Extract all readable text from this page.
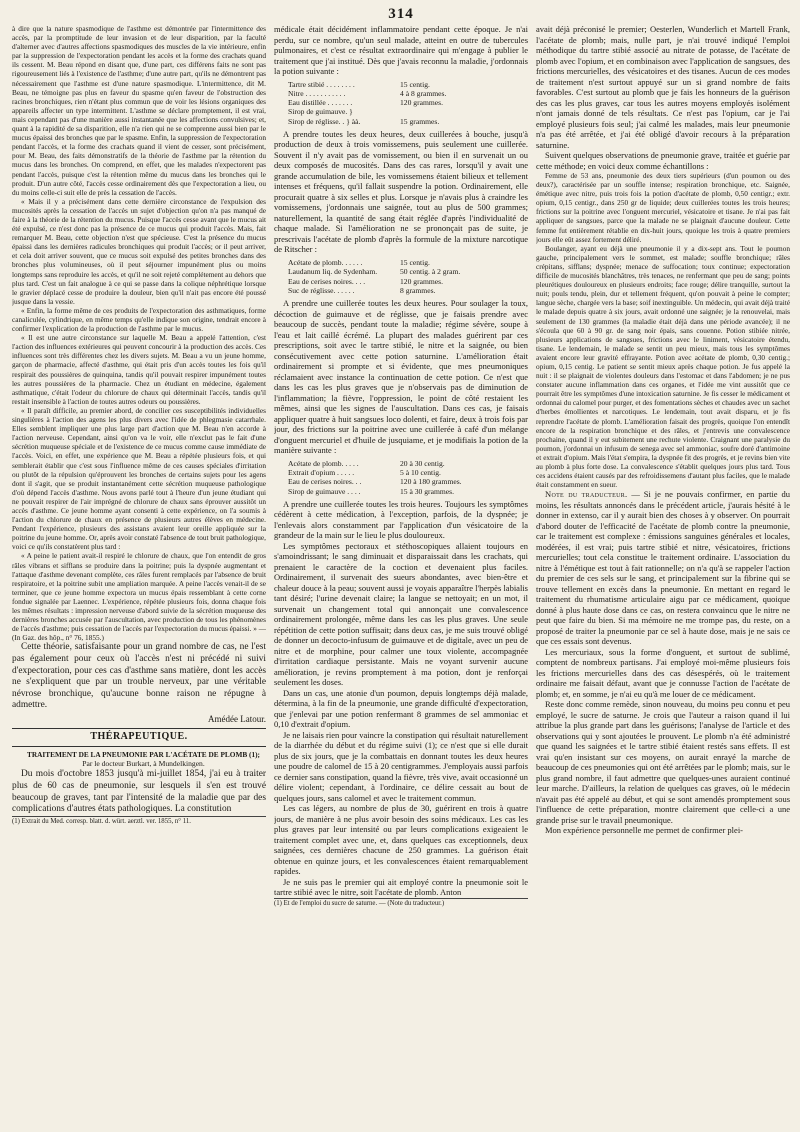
314

à dire que la nature spasmodique de l'asthme est démontrée par l'intermittence des accès, par la promptitude de leur invasion et de leur disparition, par la faculté d'alterner avec d'autres affections spasmodiques des muscles de la vie intérieure, enfin par la suppression de l'expectoration pendant les accès et la forme des crachats quand ils cessent. M. Beau répond en disant que, d'une part, ces différens faits ne sont pas rigoureusement liés à l'existence de l'asthme; d'une autre part, qu'ils ne démontrent pas nécessairement que l'asthme est d'une nature spasmodique. L'intermittence, dit M. Beau, ne témoigne pas plus en faveur du spasme qu'en faveur de l'obstruction des racines bronchiques, rien n'étant plus commun que de voir les lésions organiques des appareils affecter un type intermittent. L'asthme se déclare promptement, il est vrai, mais cependant pas d'une manière aussi instantanée que les affections convulsives; et, quant à la rapidité de sa disparition, elle n'a rien qui ne se comprenne aussi bien par le mucus épaissi des bronches que par le spasme. Enfin, la suppression de l'expectoration pendant l'accès, et la forme des crachats quand il vient de cesser, sont précisément, pour M. Beau, des faits démonstratifs de la théorie de l'asthme par la rétention du mucus dans les bronches. On comprend, en effet, que les malades n'expectorent pas pendant l'accès, puisque c'est la rétention même du mucus dans les bronches qui le produit. D'un autre côté, l'accès cesse ordinairement dès que l'expectoration a lieu, ou du moins celle-ci suit elle de près la cessation de l'accès.

« Mais il y a précisément dans cette dernière circonstance de l'expulsion des mucosités après la cessation de l'accès un sujet d'objection qu'on n'a pas manqué de faire à la théorie de la rétention du mucus. Puisque l'accès cesse avant que le mucus ait été expulsé, ce n'est donc pas la présence de ce mucus qui produit l'accès. Mais, fait remarquer M. Beau, cette objection n'est que spécieuse. C'est la présence du mucus épaissi dans les dernières radicules bronchiques qui produit l'accès; or il peut arriver, et cela doit arriver souvent, que ce mucus soit expulsé des petites bronches dans des bronches plus volumineuses, où il peut séjourner impunément plus ou moins longtemps sans reproduire les accès, et qu'il ne soit rejeté complétement au dehors que plus tard. C'est un fait analogue à ce qui se passe dans la colique néphrétique lorsque le gravier déplacé cesse de produire la douleur, bien qu'il n'ait pas encore été poussé jusque dans la vessie.

« Enfin, la forme même de ces produits de l'expectoration des asthmatiques, forme canaliculée, cylindrique, en même temps qu'elle indique son origine, tendrait encore à confirmer l'explication de la production de l'asthme par le mucus.

« Il est une autre circonstance sur laquelle M. Beau a appelé l'attention, c'est l'action des influences extérieures qui peuvent concourir à la production des accès. Ces influences sont très différentes chez les divers sujets. M. Beau a vu un jeune homme, garçon de pharmacie, affecté d'asthme, qui était pris d'un accès toutes les fois qu'il respirait des poussières de quinquina, tandis qu'il pouvait respirer impunément toutes les autres poussières de la pharmacie. Chez un étudiant en médecine, également asthmatique, c'était l'odeur du chlorure de chaux qui déterminait l'accès, tandis qu'il restait insensible à l'action de toutes autres odeurs ou poussières.

« Il paraît difficile, au premier abord, de concilier ces susceptibilités individuelles singulières à l'action des agens les plus divers avec l'idée de phlegmasie catarrhale. Elles semblent impliquer une plus large part d'action que M. Beau n'en accorde à l'action nerveuse. Cependant, ainsi qu'on va le voir, elle n'exclut pas le fait d'une sécrétion muqueuse spéciale et de l'existence de ce mucus comme cause immédiate de l'accès. Voici, en effet, une expérience que M. Beau a répétée plusieurs fois, et qui semblerait établir que c'est sous l'influence même de ces causes spéciales d'irritation ou plutôt de la répulsion qu'éprouvent les bronches de certains sujets pour les agens dont il s'agit, que se produit instantanément cette sécrétion muqueuse pathologique d'où dépend l'accès d'asthme. Nous avons parlé tout à l'heure d'un jeune étudiant qui ne pouvait respirer de l'air imprégné de chlorure de chaux sans éprouver aussitôt un accès d'asthme. Ce jeune homme ayant consenti à cette expérience, on l'a soumis à l'action du chlorure de chaux en présence de plusieurs autres élèves en médecine. Pendant l'expérience, plusieurs des assistans avaient leur oreille appliquée sur la poitrine du jeune homme. Or, après avoir constaté l'absence de tout bruit pathologique, voici ce qu'ils constatèrent plus tard :

« A peine le patient avait-il respiré le chlorure de chaux, que l'on entendit de gros râles vibrans et sifflans se produire dans la poitrine; puis la dyspnée augmentant et l'attaque d'asthme devenant complète, ces râles furent remplacés par l'absence de bruit respiratoire, et la poitrine subit une ampliation marquée. A peine l'accès venait-il de se terminer, que ce jeune homme expectora un mucus épais ressemblant à cette corne fondue signalée par Laennec. L'expérience, répétée plusieurs fois, donna chaque fois les mêmes résultats : impression nerveuse d'abord suivie de la sécrétion muqueuse des dernières bronches accusée par l'auscultation, avec production de tous les phénomènes de l'accès d'asthme; puis cessation de l'accès par l'expectoration du mucus épaissi. » — (In Gaz. des hôp., n° 76, 1855.)

Cette théorie, satisfaisante pour un grand nombre de cas, ne l'est pas également pour ceux où l'accès n'est ni précédé ni suivi d'expectoration, pour ces cas d'asthme sans matière, dont les accès ne s'expliquent que par un trouble nerveux, par une véritable névrose bronchique, qu'aucune bonne raison ne répugne à admettre.

Amédée Latour.

THÉRAPEUTIQUE.

TRAITEMENT DE LA PNEUMONIE PAR L'ACÉTATE DE PLOMB (1);

Par le docteur Burkart, à Mundelkingen.

Du mois d'octobre 1853 jusqu'à mi-juillet 1854, j'ai eu à traiter plus de 60 cas de pneumonie, sur lesquels il s'en est trouvé beaucoup de graves, tant par l'intensité de la maladie que par des complications d'autres états pathologiques. La constitution

(1) Extrait du Med. corresp. blatt. d. würt. aerztl. ver. 1855, n° 11.

médicale était décidément inflammatoire pendant cette époque. Je n'ai perdu, sur ce nombre, qu'un seul malade, atteint en outre de tubercules pulmonaires, et c'est ce résultat extraordinaire qui m'engage à publier le traitement que j'ai institué. Dès que j'avais reconnu la maladie, j'ordonnais la potion suivante :

Tartre stibié . . . . . . . .	15 centig.
Nitre . . . . . . . . . . .	4 à 8 grammes.
Eau distillée . . . . . . .	120 grammes.
Sirop de guimauve. }
Sirop de réglisse. . } àà.	15 grammes.

A prendre toutes les deux heures, deux cuillerées à bouche, jusqu'à production de deux à trois vomissemens, puis seulement une cuillerée. Souvent il n'y avait pas de vomissement, ou bien il en survenait un ou deux composés de mucosités. Dans des cas rares, lorsqu'il y avait une grande accumulation de bile, les vomissemens étaient bilieux et tellement intenses et fréquens, qu'il fallait suspendre la potion. Ordinairement, elle procurait quatre à six selles et plus. Lorsque je n'avais plus à craindre les vomissemens, j'ordonnais une saignée, tout au plus de 500 grammes; naturellement, la quantité de sang était réglée d'après l'individualité de chaque malade. Si l'amélioration ne se prononçait pas de suite, je prescrivais l'acétate de plomb d'après la formule de la mixture narcotique de Ritscher :

Acétate de plomb. . . . . .	15 centig.
Laudanum liq. de Sydenham.	50 centig. à 2 gram.
Eau de cerises noires. . . .	120 grammes.
Suc de réglisse. . . . . .	8 grammes.

A prendre une cuillerée toutes les deux heures. Pour soulager la toux, décoction de guimauve et de réglisse, que je faisais prendre avec beaucoup de succès, pendant toute la maladie; régime sévère, soupe à l'eau et lait caillé écrémé. La plupart des malades guérirent par ces prescriptions, soit avec le tartre stibié, le nitre et la saignée, ou bien consécutivement avec cette potion saturnine. L'amélioration était ordinairement si prompte et si évidente, que mes pneumoniques réclamaient avec instance la continuation de cette potion. Ce n'est que dans les cas les plus graves que je n'observais pas de diminution de l'inflammation; la fièvre, l'oppression, le point de côté restaient les mêmes, ainsi que les signes de l'auscultation. Dans ces cas, je faisais appliquer quatre à huit sangsues loco dolenti, et faire, deux à trois fois par jour, des frictions sur la poitrine avec une cuillerée à café d'un mélange d'onguent mercuriel et d'huile de jusquiame, et je modifiais la potion de la manière suivante :

Acétate de plomb. . . . .	20 à 30 centig.
Extrait d'opium . . . . .	5 à 10 centig.
Eau de cerises noires. . .	120 à 180 grammes.
Sirop de guimauve . . . .	15 à 30 grammes.

A prendre une cuillerée toutes les trois heures. Toujours les symptômes cédèrent à cette médication, à l'exception, parfois, de la dyspnée; je l'enlevais alors constamment par l'application d'un vésicatoire de la grandeur de la main sur le lieu le plus douloureux.

Les symptômes pectoraux et stéthoscopiques allaient toujours en s'amoindrissant; le sang diminuait et disparaissait dans les crachats, qui prenaient le caractère de la coction et devenaient plus faciles. Ordinairement, il survenait des sueurs abondantes, avec bien-être et chaleur douce à la peau; souvent aussi je voyais apparaître l'herpès labialis tant désiré; l'urine devenait claire; la langue se nettoyait; en un mot, il survenait un changement total qui annonçait une convalescence ordinairement prolongée, même dans les cas les plus graves. Une seule répétition de cette potion suffisait; dans deux cas, je me suis trouvé obligé de donner un decocto-infusum de guimauve et de digitale, avec un peu de nitre et de morphine, pour calmer une toux violente, accompagnée d'irritation cardiaque persistante. Mais ne voyant survenir aucune amélioration, je revins promptement à ma potion, dont je renforçai seulement les doses.

Dans un cas, une atonie d'un poumon, depuis longtemps déjà malade, détermina, à la fin de la pneumonie, une grande difficulté d'expectoration, que j'enlevai par une potion renfermant 8 grammes de sel ammoniac et 0,10 d'extrait d'opium.

Je ne laisais rien pour vaincre la constipation qui résultait naturellement de la diarrhée du début et du régime suivi (1); ce n'est que si elle durait plus de six jours, que je la combattais en donnant toutes les deux heures une poudre de calomel de 15 à 20 centigrammes. J'employais aussi parfois ce dernier sans constipation, quand la fièvre, très vive, avait occasionné un délire violent; cependant, à l'ordinaire, ce délire cessait au bout de quelques jours, sans calomel et avec le traitement commun.

Les cas légers, au nombre de plus de 30, guérirent en trois à quatre jours, de manière à ne plus avoir besoin des soins médicaux. Les cas les plus graves par leur intensité ou par leurs complications exigeaient le traitement complet avec une, et, dans quelques cas exceptionnels, deux saignées, ces dernières chacune de 250 grammes. La guérison était obtenue en quinze jours, et les convalescences étaient remarquablement rapides.

Je ne suis pas le premier qui ait employé contre la pneumonie soit le tartre stibié avec le nitre, soit l'acétate de plomb. Anton

(1) Et de l'emploi du sucre de saturne. — (Note du traducteur.)

avait déjà préconisé le premier; Oesterlen, Wunderlich et Martell Frank, l'acétate de plomb; mais, nulle part, je n'ai trouvé indiqué l'emploi méthodique du tartre stibié associé au nitrate de potasse, de l'acétate de plomb avec l'opium, et en combinaison avec l'application de sangsues, des frictions mercurielles, des vésicatoires et des tisanes. Aucun de ces modes de traitement n'est surtout appuyé sur un si grand nombre de faits favorables. C'est surtout au plomb que je fais les honneurs de la guérison des cas les plus graves, car tous les autres moyens employés isolément n'ont jamais donné de tels résultats. Ce n'est pas l'opium, car je l'ai employé plusieurs fois seul; j'ai calmé les malades, mais leur pneumonie n'a pas été arrêtée, et j'ai été obligé d'avoir recours à la préparation saturnine.

Suivent quelques observations de pneumonie grave, traitée et guérie par cette méthode; en voici deux comme échantillons :

Femme de 53 ans, pneumonie des deux tiers supérieurs (d'un poumon ou des deux?), caractérisée par un souffle intense; respiration bronchique, etc. Saignée, émétique avec nitre, puis trois fois la potion d'acétate de plomb, 0,50 centigr.; extr. opium, 0,15 centigr., dans 250 gr de liquide; deux cuillerées toutes les trois heures; frictions sur la poitrine avec l'onguent mercuriel, vésicatoire et tisane. Je n'ai pas fait appliquer de sangsues, parce que la malade ne se plaignait d'aucune douleur. Cette femme fut entièrement rétablie en dix-huit jours, quoique les trois à quatre premiers jours elle eût assez fortement déliré.

Boulanger, ayant eu déjà une pneumonie il y a dix-sept ans. Tout le poumon gauche, principalement vers le sommet, est malade; souffle bronchique; râles crépitans, sifflans; dyspnée; menace de suffocation; toux continue; expectoration difficile de mucosités blanchâtres, très tenaces, ne renfermant que peu de sang; points pleurétiques douloureux en plusieurs endroits; face rouge; délire tranquille, surtout la nuit; pouls tendu, plein, dur et tellement fréquent, qu'on pouvait à peine le compter; langue sèche, chargée vers la base; soif inextinguible. Un médecin, qui avait déjà traité le malade depuis quatre à six jours, avait ordonné une saignée; je la renouvelai, mais seulement de 130 grammes (la maladie était déjà dans une période avancée); il ne s'écoula que 60 à 90 gr. de sang noir épais, sans couenne. Potion stibiée nitrée, plusieurs applications de sangsues, frictions avec le liniment, vésicatoire étendu, tisane. Le lendemain, le malade se sentit un peu mieux, mais tous les symptômes avaient encore leur gravité effrayante. Potion avec acétate de plomb, 0,30 centig.; opium, 0,15 centig. Le patient se sentit mieux après chaque potion. Je fus appelé la nuit : il se plaignait de violentes douleurs dans l'estomac et dans l'abdomen; je ne pus constater aucune inflammation dans ces organes, et l'idée me vint aussitôt que ce pourrait être les symptômes d'une intoxication saturnine. Je fis cesser le médicament et ordonnai du calomel pour purger, et des fomentations sèches et chaudes avec un sachet d'herbes émollientes et narcotiques. Le lendemain, tout avait disparu, et je fis reprendre l'acétate de plomb. L'amélioration faisait des progrès, quoique l'on entendît encore de la respiration bronchique et des râles, et j'entrevis une convalescence prochaine, quand il y eut subitement une rechute violente. Craignant une paralysie du poumon, j'ordonnai un infusum de senega avec sel ammoniac, soufre doré d'antimoine et extrait d'opium. Mais l'état s'empira, la dyspnée fit des progrès, et je revins bien vite au plomb à plus forte dose. La convalescence s'établit quelques jours plus tard. Tous ces accidens étaient causés par des refroidissemens d'autant plus faciles, que le malade était constamment en sueur.

Note du traducteur. — Si je ne pouvais confirmer, en partie du moins, les résultats annoncés dans le précédent article, j'aurais hésité à le donner in extenso, car il y aurait bien des choses à y observer. On pourrait d'abord douter de l'efficacité de l'acétate de plomb contre la pneumonie, car le traitement est complexe : émissions sanguines générales et locales, modérées, il est vrai; puis tartre stibié et nitre, vésicatoires, frictions mercurielles; tout cela constitue le traitement ordinaire. L'association du nitre à l'émétique est tout à fait rationnelle; on n'a qu'à se rappeler l'action du premier de ces sels sur le sang, et principalement sur la fibrine qui se trouve tellement en excès dans la pneumonie. En mettant en regard le traitement du rhumatisme articulaire aigu par ce médicament, quoique donné à plus haute dose dans ce cas, on restera convaincu que le nitre ne peut que faire du bien. Si ma mémoire ne me trompe pas, du reste, on a proposé de traiter la pneumonie par ce sel à haute dose, mais je ne sais ce que ces essais sont devenus.

Les mercuriaux, sous la forme d'onguent, et surtout de sublimé, comptent de nombreux partisans. J'ai employé moi-même plusieurs fois les frictions mercurielles dans des cas désespérés, où le traitement ordinaire me faisait défaut, avant que je connusse l'action de l'acétate de plomb; et, en somme, je n'ai eu qu'à me louer de ce médicament.

Reste donc comme remède, sinon nouveau, du moins peu connu et peu employé, le sucre de saturne. Je crois que l'auteur a raison quand il lui attribue la plus grande part dans les guérisons; l'analyse de l'article et des observations qui y sont ajoutées le prouvent. Le plomb n'a été administré que quand les saignées et le tartre stibié étaient restés sans effets. Il est vrai qu'en insistant sur ces moyens, on aurait enrayé la marche de beaucoup de ces pneumonies qui ont été arrêtées par le plomb; mais, sur le plus grand nombre, il faut admettre que quelques-unes auraient continué leur marche. D'ailleurs, la relation de quelques cas graves, où le médecin n'avait pas été appelé au début, et qui se sont amendés promptement sous l'influence de cette préparation, montre clairement que celle-ci a une grande prise sur le travail pneumonique.

Mon expérience personnelle me permet de confirmer plei-
